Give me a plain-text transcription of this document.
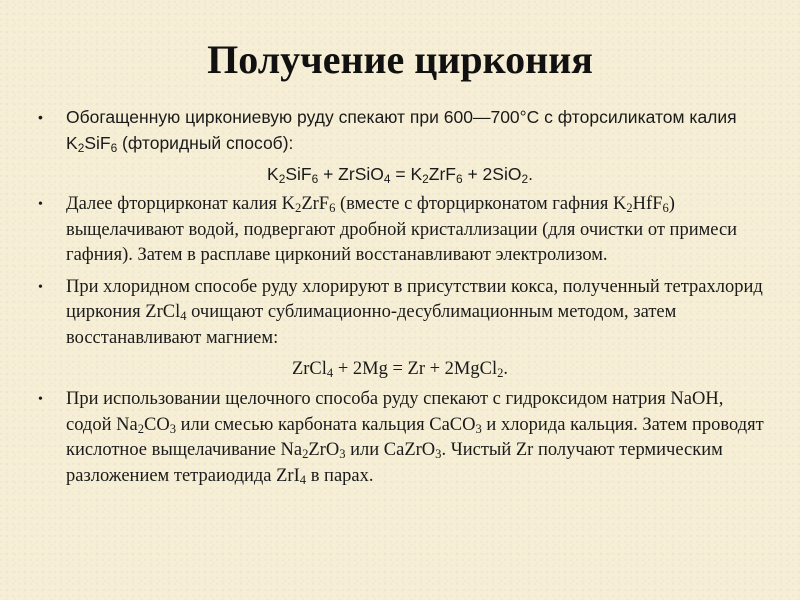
Получение циркония
• Обогащенную циркониевую руду спекают при 600—700°С с фторсиликатом калия $K_2SiF_6$ (фторидный способ):
$K_2SiF_6$ + ZrSiO$_4$ = $K_2ZrF_6 + 2SiO_2$.
• Далее фторцирконат калия $K_2ZrF_6$ (вместе с фторцирконатом гафния $K_2HfF_6$) выщелачивают водой, подвергают дробной кристаллизации (для очистки от примеси гафния). Затем в расплаве цирконий восстанавливают электролизом.
• При хлоридном способе руду хлорируют в присутствии кокса, полученный тетрахлорид циркония ZrCl$_4$ очищают сублимационно-десублимационным методом, затем восстанавливают магнием:
ZrCl$_4$ + 2Mg = Zr + 2MgCl$_2$.
• При использовании щелочного способа руду спекают с гидроксидом натрия NaOH, содой $Na_2CO_3$ или смесью карбоната кальция CaCO$_3$ и хлорида кальция. Затем проводят кислотное выщелачивание $Na_2ZrO_3$ или CaZrO$_3$. Чистый Zr получают термическим разложением тетраиодида ZrI$_4$ в парах.
